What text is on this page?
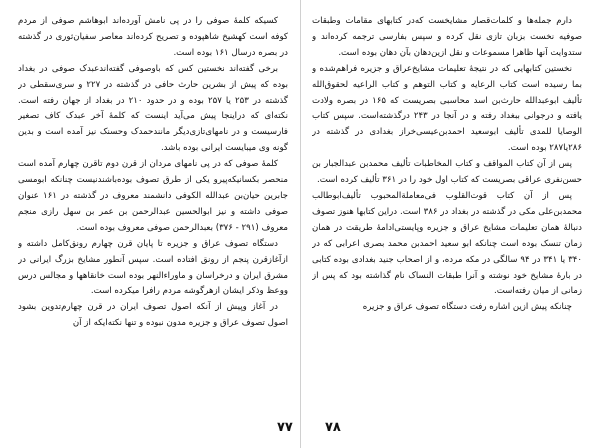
کسیکه کلمهٔ صوفی را در پی نامش آورده‌اند ابوهاشم صوفی از مردم کوفه است کهشیخ شاهپوده و تصریح کرده‌اند معاصر سفیان‌ثوری در گذشته در بصره درسال ۱۶۱ بوده است.

برخی گفته‌اند نخستین کس که باوصوفی گفته‌اندعبدک صوفی در بغداد بوده که پیش از بشرین حارث حافی در گذشته در ۲۲۷ و سری‌سقطی در گذشته در ۲۵۳ یا ۲۵۷ بوده و در حدود ۲۱۰ در بغداد از جهان رفته است. نکته‌ای که دراینجا پیش می‌آید اینست که کلمهٔ آخر عبدک کاف تصغیر فارسیست و در نامهای‌تازی‌دیگر مانندحمدک وحسنک نیز آمده است و بدین گونه وی میبایست ایرانی بوده باشد.

کلمهٔ صوفی که در پی نامهای مردان از قرن دوم تاقرن چهارم آمده است منحصر بکسانیکه‌پیرو یکی از طرق تصوف بوده‌باشندنیست چنانکه ابومسی جابرین حیان‌بن عبدالله الکوفی دانشمند معروف در گذشته در ۱۶۱ عنوان صوفی داشته و نیز ابوالحسین عبدالرحمن بن عمر بن سهل رازی منجم معروف (۲۹۱ - ۳۷۶) بعبدالرحمن صوفی معروف بوده است.

دستگاه تصوف عراق و جزیره تا پایان قرن چهارم رونق‌کامل داشته و ازآغازقرن پنجم از رونق افتاده است. سپس آنطور مشایخ بزرگ ایرانی در مشرق ایران و درخراسان و ماوراءالنهر بوده است خانقاهها و مجالس درس ووعظ وذکر ایشان ازهرگوشه مردم رافرا میکرده است.

در آغاز وپیش از آنکه اصول تصوف ایران در قرن چهارم‌تدوین بشود اصول تصوف عراق و جزیره مدون نبوده و تنها نکته‌ایکه از آن

دارم جمله‌ها و کلمات‌قصار مشایخست که‌در کتابهای مقامات وطبقات صوفیه نخست بزبان تازی نقل کرده و سپس بفارسی ترجمه کرده‌اند و ستدوایت آنها ظاهرا مسموعات و نقل ازین‌دهان بآن دهان بوده است.

نخستین کتابهایی که در نتیجهٔ تعلیمات مشایخ‌عراق و جزیره فراهم‌شده و بما رسیده است کتاب الرعایه و کتاب التوهم و کتاب الراعیه لحقوق‌الله تألیف ابوعبدالله حارث‌بن اسد محاسبی بصریست که ۱۶۵ در بصره ولادت یافته و درجوانی ببغداد رفته و در آنجا در ۲۴۳ درگذشته‌است. سپس کتاب الوصایا للمدی تألیف ابوسعید احمدبن‌عیسی‌خراز بغدادی در گذشته در ۲۸۶یا۲۸۷ بوده است.

پس از آن کتاب المواقف و کتاب المخاطبات تألیف محمدبن عبدالجبار بن حسن‌نفری عراقی بصریست که کتاب اول خود را در ۳۶۱ تألیف کرده است.

پس از آن کتاب قوت‌القلوب فی‌معاملة‌المحبوب تألیف‌ابوطالب محمدبن‌علی مکی در گذشته در بغداد در ۳۸۶ است. دراین کتابها هنوز تصوف دنبالهٔ همان تعلیمات مشایخ عراق و جزیره وپایستی‌ادامهٔ طریقت در همان زمان تنسک بوده است چنانکه ابو سعید احمدبن محمد بصری اعرابی که در ۳۴۰ یا ۳۴۱ در ۹۴ سالگی در مکه مرده، و از اصحاب جنید بغدادی بوده کتابی در بارهٔ مشایخ خود نوشته و آنرا طبقات النساک نام گذاشته بود که پس از زمانی از میان رفته‌است.

چنانکه پیش ازین اشاره رفت دستگاه تصوف عراق و جزیره

۷۷ ۷۸
